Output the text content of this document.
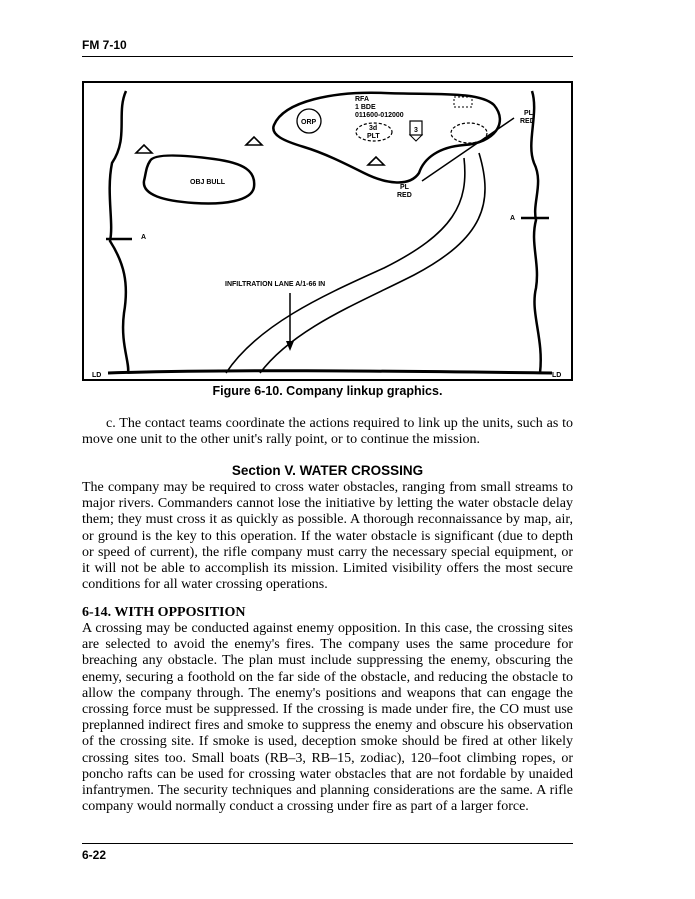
FM 7-10
RFA
1 BDE
011600-012000
ORP
3d
PLT
3
PL
RED
PL
RED
OBJ BULL
A
A
INFILTRATION LANE A/1-66 IN
LD	LD
Figure 6-10. Company linkup graphics.

c. The contact teams coordinate the actions required to link up the units, such as to move one unit to the other unit's rally point, or to continue the mission.

Section V. WATER CROSSING

The company may be required to cross water obstacles, ranging from small streams to major rivers. Commanders cannot lose the initiative by letting the water obstacle delay them; they must cross it as quickly as possible. A thorough reconnaissance by map, air, or ground is the key to this operation. If the water obstacle is significant (due to depth or speed of current), the rifle company must carry the necessary special equipment, or it will not be able to accomplish its mission. Limited visibility offers the most secure conditions for all water crossing operations.

6-14. WITH OPPOSITION

A crossing may be conducted against enemy opposition. In this case, the crossing sites are selected to avoid the enemy's fires. The company uses the same procedure for breaching any obstacle. The plan must include suppressing the enemy, obscuring the enemy, securing a foothold on the far side of the obstacle, and reducing the obstacle to allow the company through. The enemy's positions and weapons that can engage the crossing force must be suppressed. If the crossing is made under fire, the CO must use preplanned indirect fires and smoke to suppress the enemy and obscure his observation of the crossing site. If smoke is used, deception smoke should be fired at other likely crossing sites too. Small boats (RB–3, RB–15, zodiac), 120–foot climbing ropes, or poncho rafts can be used for crossing water obstacles that are not fordable by unaided infantrymen. The security techniques and planning considerations are the same. A rifle company would normally conduct a crossing under fire as part of a larger force.

6-22
